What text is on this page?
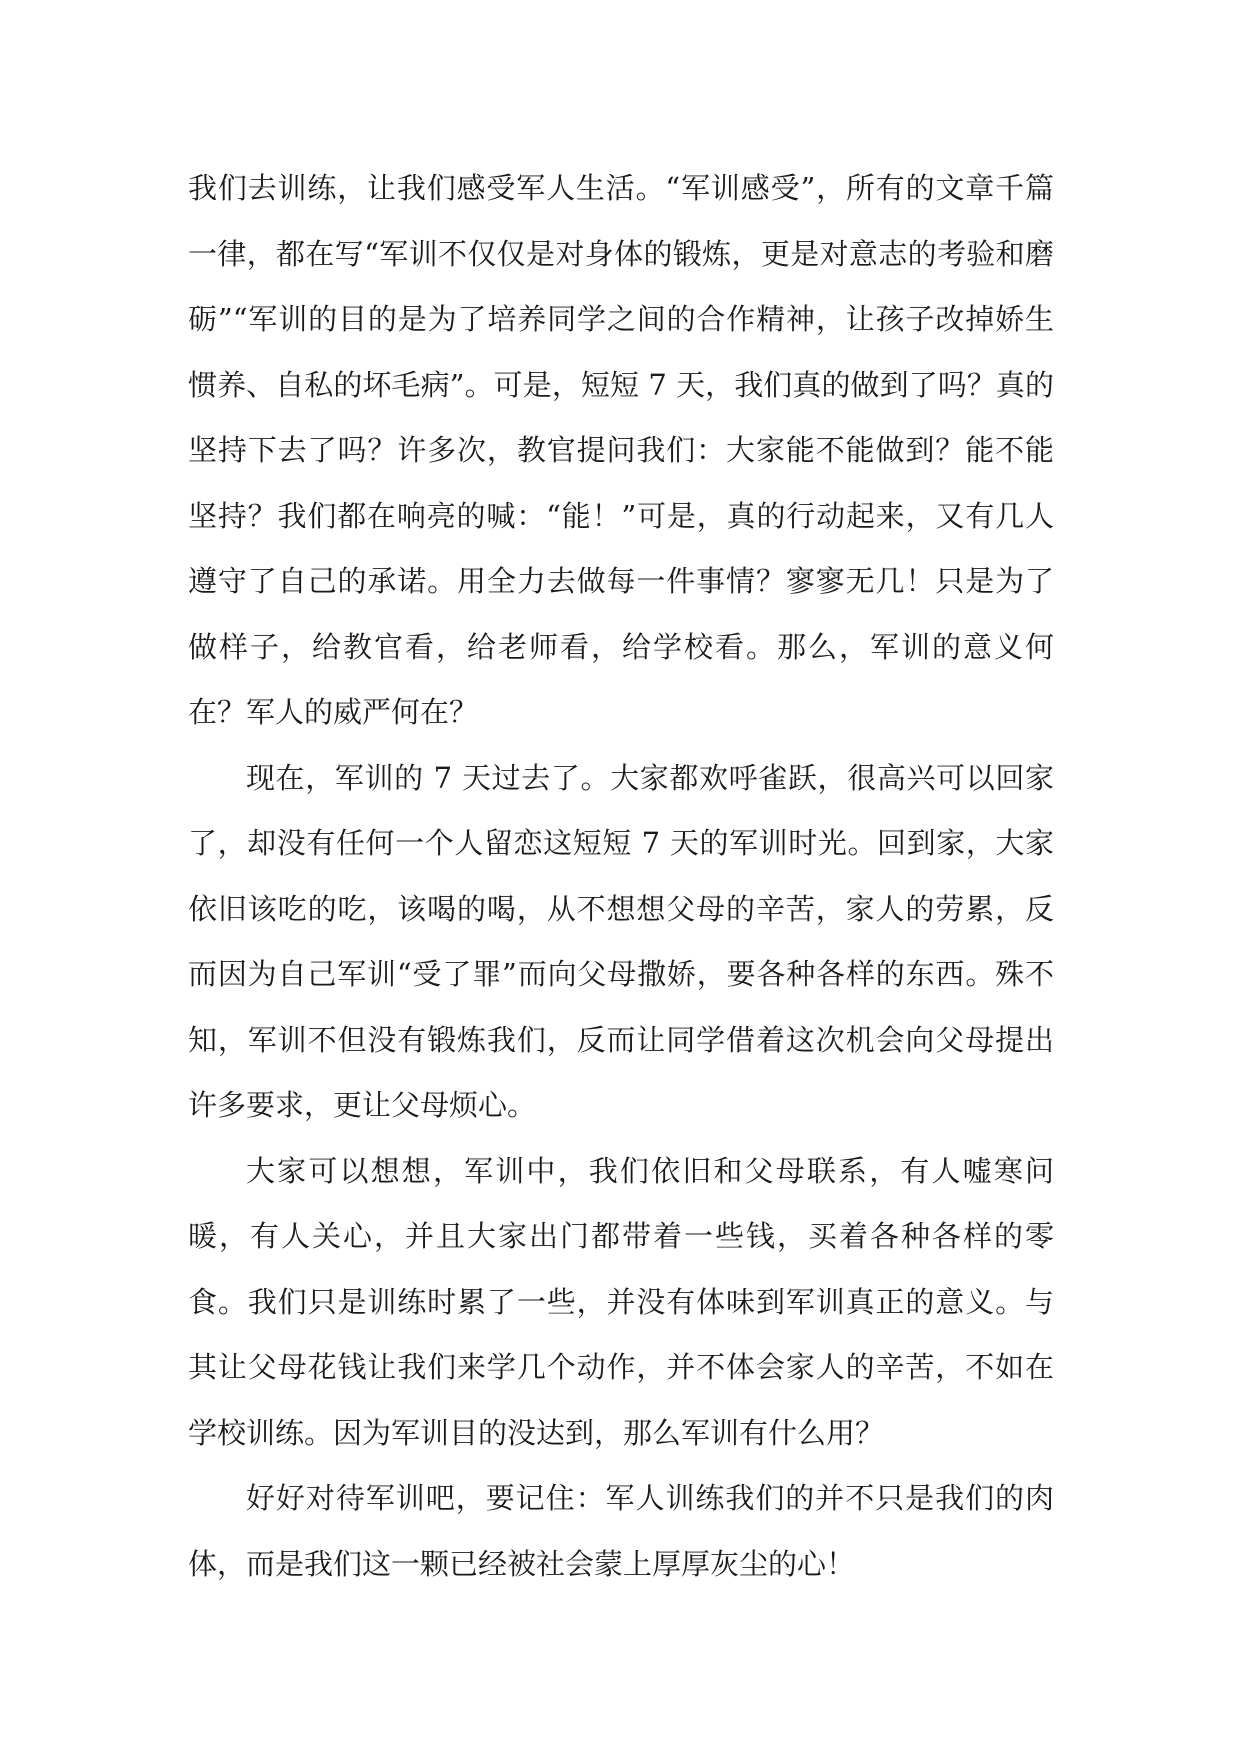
我们去训练，让我们感受军人生活。“军训感受”，所有的文章千篇一律，都在写“军训不仅仅是对身体的锻炼，更是对意志的考验和磨砺”“军训的目的是为了培养同学之间的合作精神，让孩子改掉娇生惯养、自私的坏毛病”。可是，短短 7 天，我们真的做到了吗？真的坚持下去了吗？许多次，教官提问我们：大家能不能做到？能不能坚持？我们都在响亮的喊：“能！”可是，真的行动起来，又有几人遵守了自己的承诺。用全力去做每一件事情？寥寥无几！只是为了做样子，给教官看，给老师看，给学校看。那么，军训的意义何在？军人的威严何在？

现在，军训的 7 天过去了。大家都欢呼雀跃，很高兴可以回家了，却没有任何一个人留恋这短短 7 天的军训时光。回到家，大家依旧该吃的吃，该喝的喝，从不想想父母的辛苦，家人的劳累，反而因为自己军训“受了罪”而向父母撒娇，要各种各样的东西。殊不知，军训不但没有锻炼我们，反而让同学借着这次机会向父母提出许多要求，更让父母烦心。

大家可以想想，军训中，我们依旧和父母联系，有人嘘寒问暖，有人关心，并且大家出门都带着一些钱，买着各种各样的零食。我们只是训练时累了一些，并没有体味到军训真正的意义。与其让父母花钱让我们来学几个动作，并不体会家人的辛苦，不如在学校训练。因为军训目的没达到，那么军训有什么用？

好好对待军训吧，要记住：军人训练我们的并不只是我们的肉体，而是我们这一颗已经被社会蒙上厚厚灰尘的心！
